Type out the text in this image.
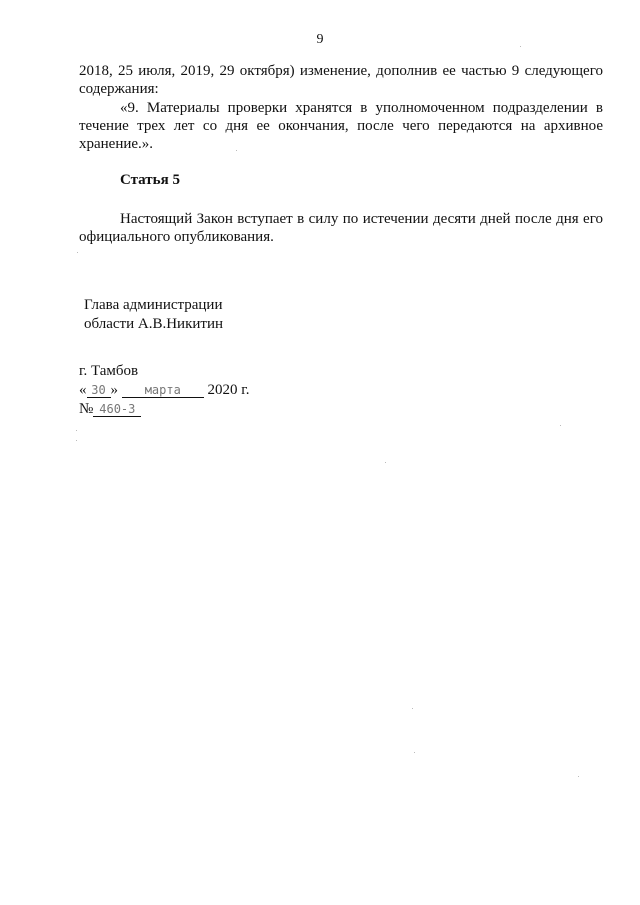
9
2018, 25 июля, 2019, 29 октября) изменение, дополнив ее частью 9 следующего
содержания:
«9. Материалы проверки хранятся в уполномоченном подразделении в
течение трех лет со дня ее окончания, после чего передаются на архивное
хранение.».
Статья 5
Настоящий Закон вступает в силу по истечении десяти дней после дня его
официального опубликования.
Глава администрации
области А.В.Никитин
г. Тамбов
« 30 » марта 2020 г.
№ 460-З
